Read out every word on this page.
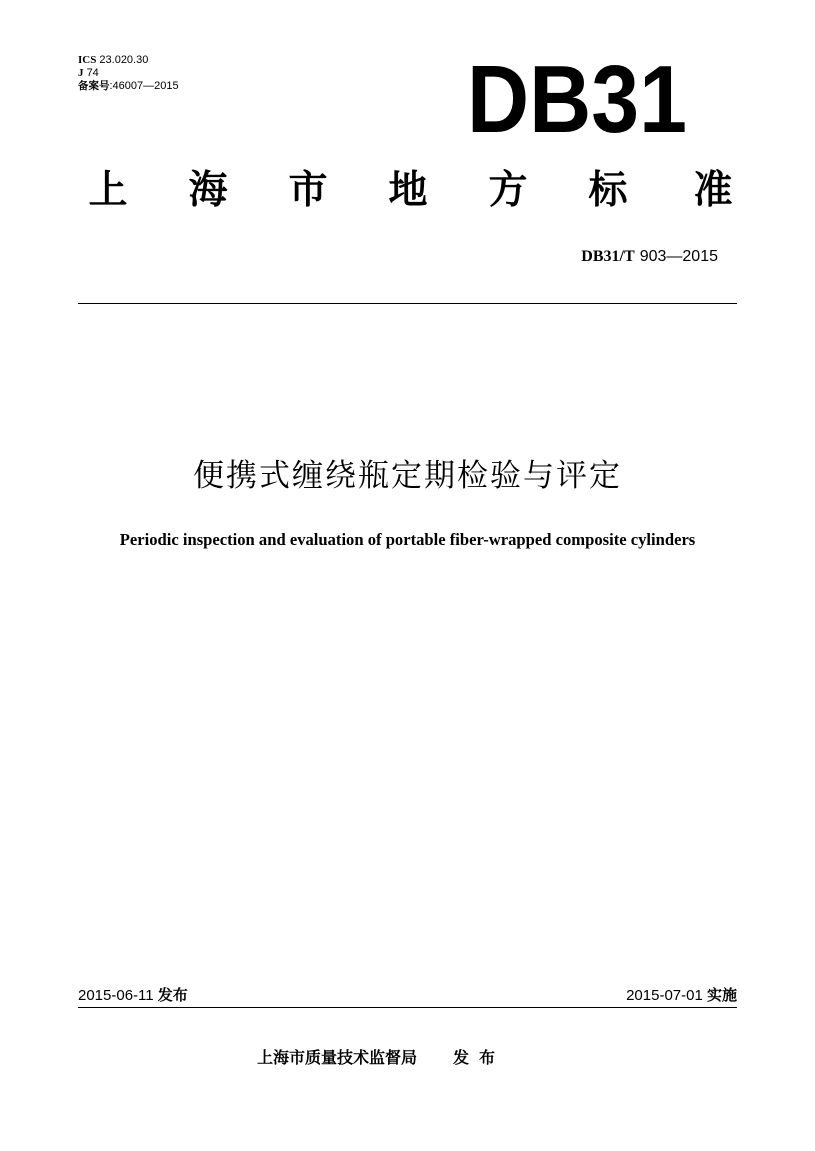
ICS 23.020.30
J 74
备案号:46007—2015	DB31
上 海 市 地 方 标 准
DB31/T 903—2015
便携式缠绕瓶定期检验与评定
Periodic inspection and evaluation of portable fiber-wrapped composite cylinders
2015-06-11 发布	2015-07-01 实施
上海市质量技术监督局 发 布
